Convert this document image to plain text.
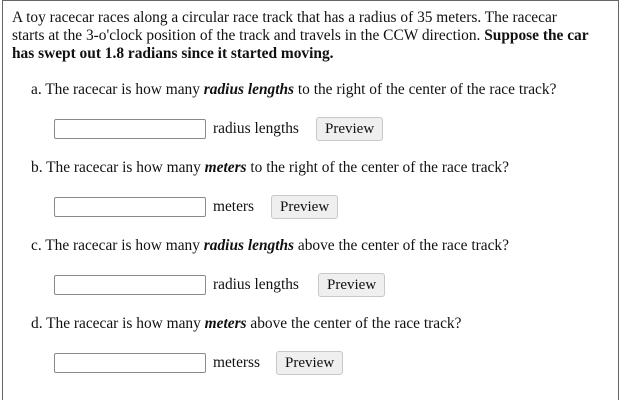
A toy racecar races along a circular race track that has a radius of 35 meters. The racecar starts at the 3-o'clock position of the track and travels in the CCW direction. Suppose the car has swept out 1.8 radians since it started moving.
a. The racecar is how many radius lengths to the right of the center of the race track?
radius lengths	Preview
b. The racecar is how many meters to the right of the center of the race track?
meters	Preview
c. The racecar is how many radius lengths above the center of the race track?
radius lengths	Preview
d. The racecar is how many meters above the center of the race track?
meterss	Preview
